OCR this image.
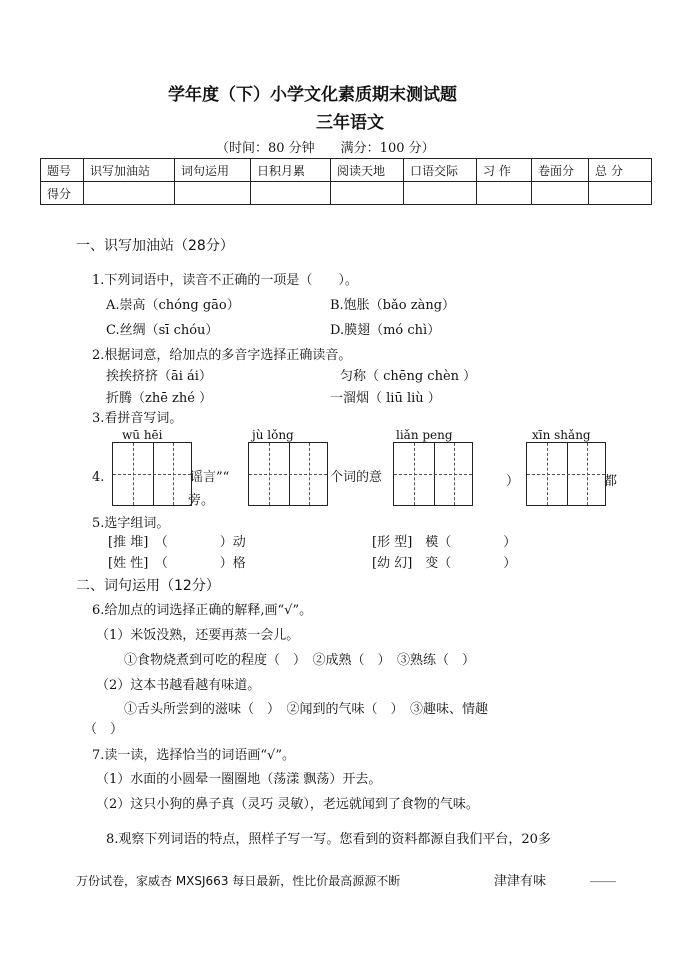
学年度（下）小学文化素质期末测试题
三年语文
（时间：80 分钟　　满分：100 分）
题号	识写加油站	词句运用	日积月累	阅读天地	口语交际	习 作	卷面分	总 分
得分								
一、识写加油站（28分）
1.下列词语中，读音不正确的一项是（　　）。
A.崇高（chóng gāo）	B.饱胀（bǎo zàng）
C.丝绸（sī chóu）	D.膜翅（mó chì）
2.根据词意，给加点的多音字选择正确读音。
挨挨挤挤（āi ái）	匀称（ chēng chèn ）
折腾（zhē zhé ）	一溜烟（ liū liù ）
3.看拼音写词。
wū hēi	jù lǒng	liǎn peng	xīn shǎng
4.	谣言”“	个词的意	）	都
旁。
5.选字组词。
[推 堆]　（　　　　）动	[形 型]　模（　　　　）
[姓 性]　（　　　　）格	[幼 幻]　变（　　　　）
二、词句运用（12分）
6.给加点的词选择正确的解释,画“√”。
（1）米饭没熟，还要再蒸一会儿。
①食物烧煮到可吃的程度（　）　②成熟（　）　③熟练（　）
（2）这本书越看越有味道。
①舌头所尝到的滋味（　）　②闻到的气味（　）　③趣味、情趣
（　）
7.读一读，选择恰当的词语画“√”。
（1）水面的小圆晕一圈圈地（荡漾 飘荡）开去。
（2）这只小狗的鼻子真（灵巧 灵敏），老远就闻到了食物的气味。
8.观察下列词语的特点，照样子写一写。您看到的资料都源自我们平台，20多
万份试卷，家威杏 MXSJ663 每日最新，性比价最高源源不断	津津有味	____
